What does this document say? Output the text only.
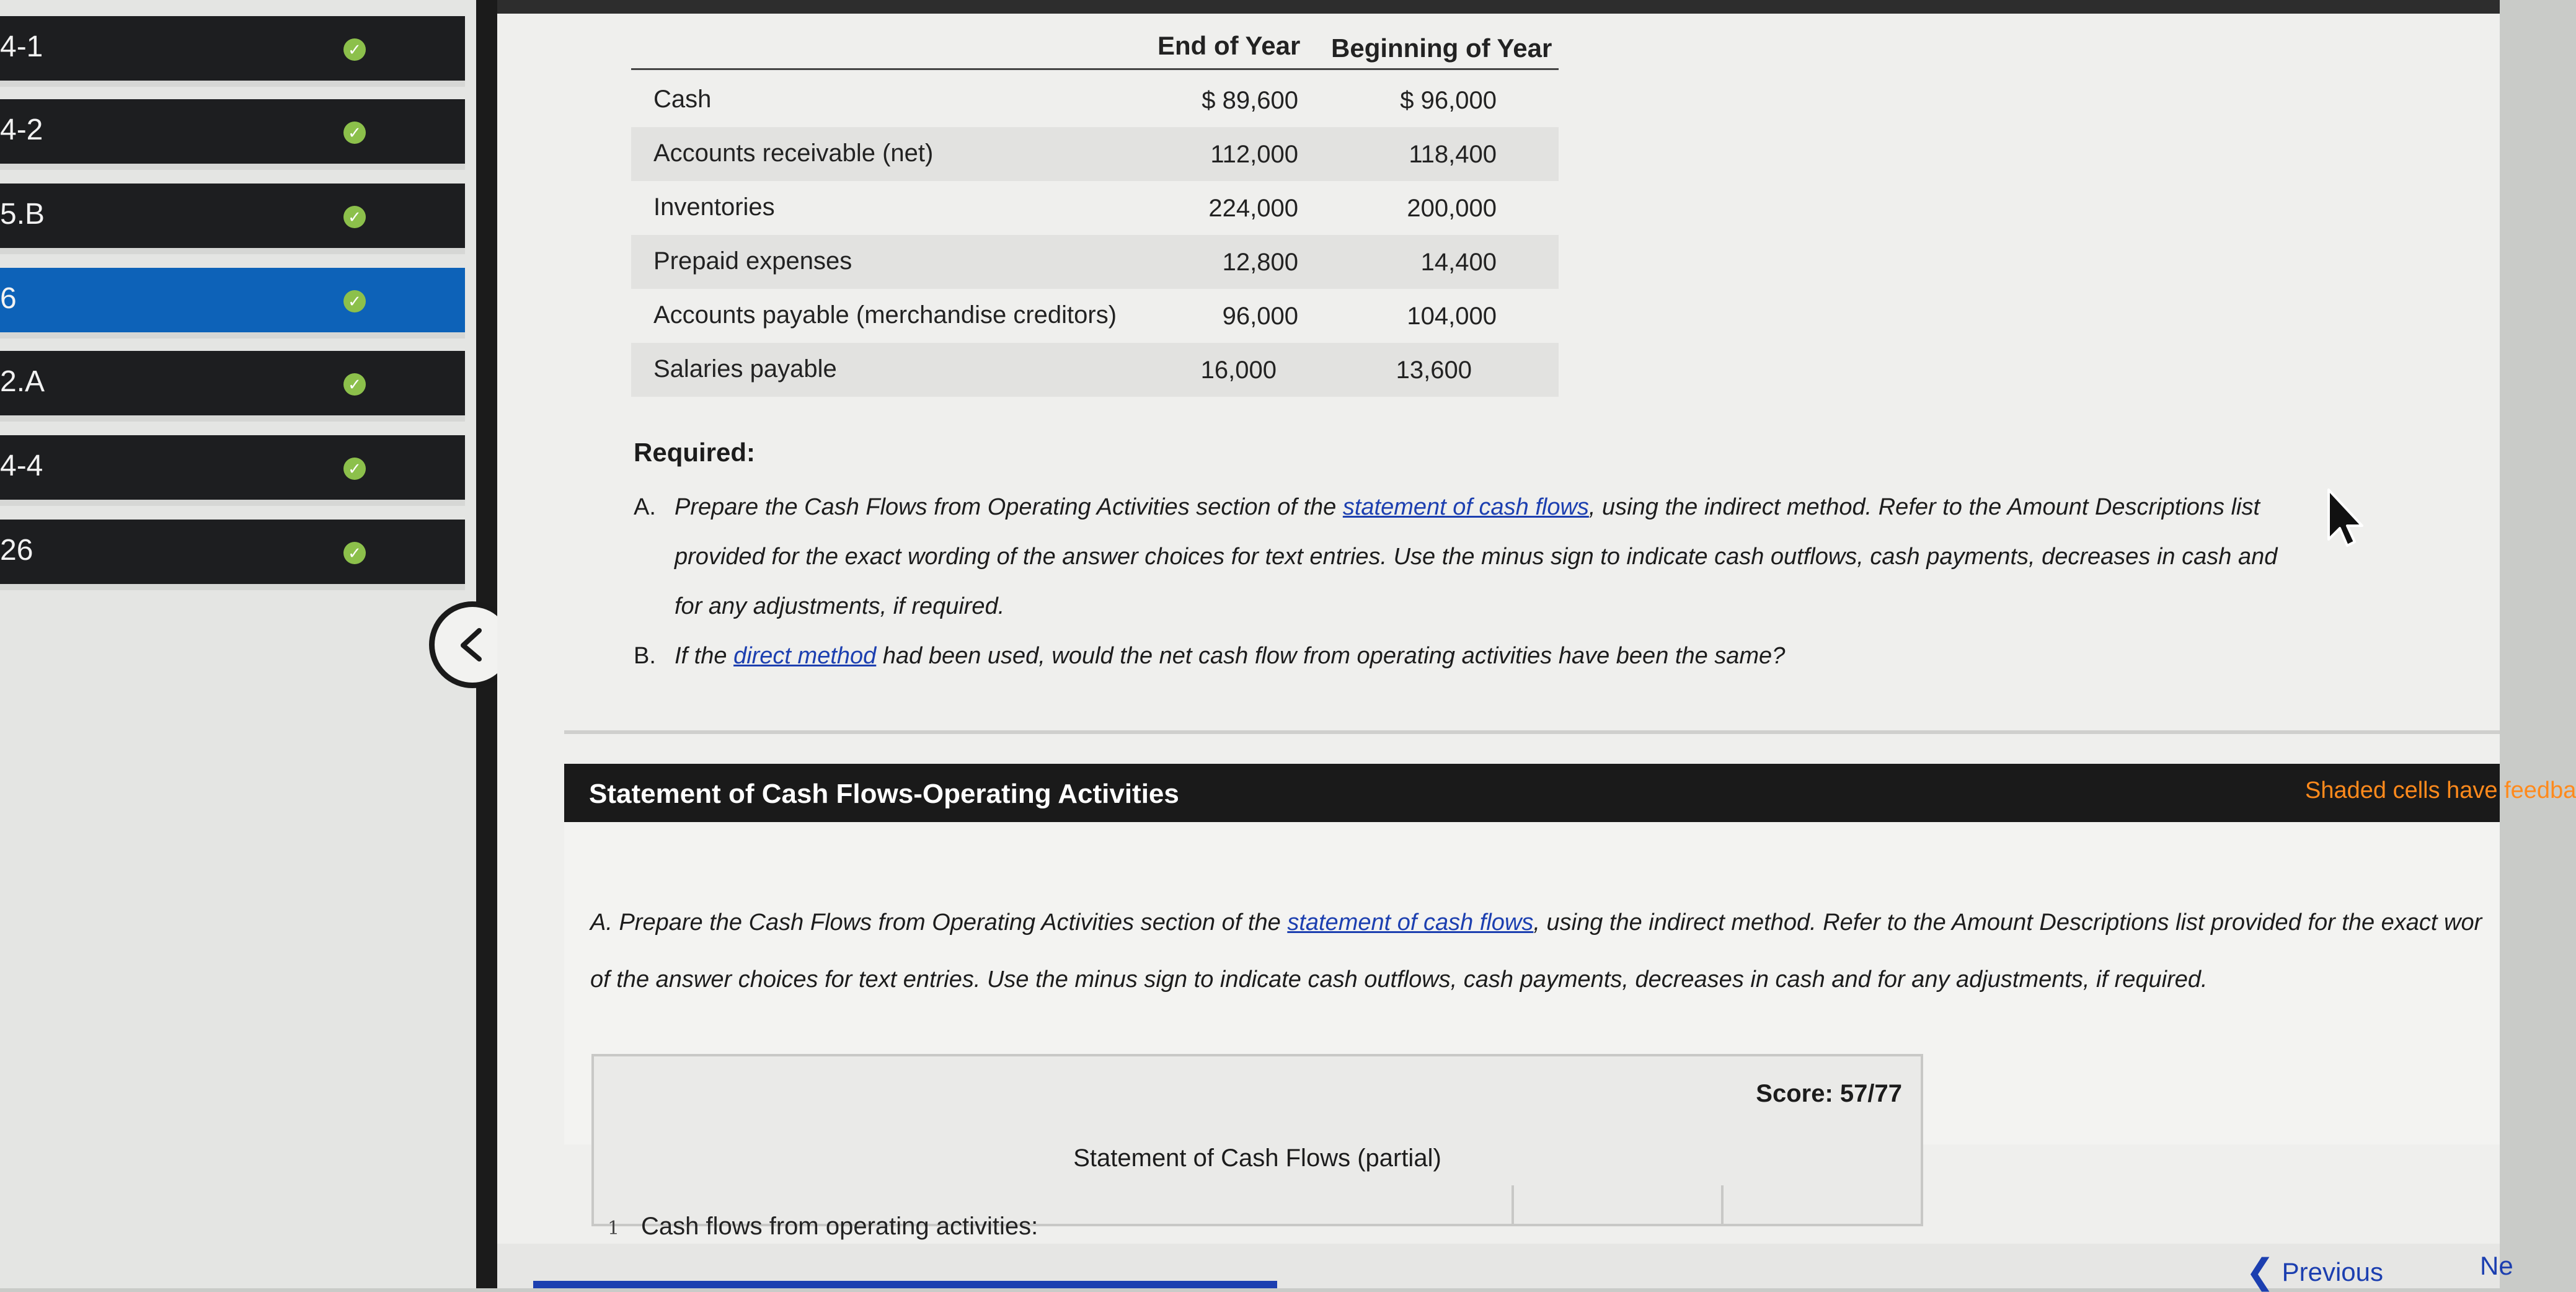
4-1	✓
4-2	✓
5.B	✓
6	✓
2.A	✓
4-4	✓
26	✓
End of Year Beginning of Year
Cash	$ 89,600	$ 96,000
Accounts receivable (net)	112,000	118,400
Inventories	224,000	200,000
Prepaid expenses	12,800	14,400
Accounts payable (merchandise creditors)	96,000	104,000
Salaries payable	16,000	13,600
Required:
A. Prepare the Cash Flows from Operating Activities section of the statement of cash flows, using the indirect method. Refer to the Amount Descriptions list provided for the exact wording of the answer choices for text entries. Use the minus sign to indicate cash outflows, cash payments, decreases in cash and for any adjustments, if required.
B. If the direct method had been used, would the net cash flow from operating activities have been the same?
Statement of Cash Flows-Operating Activities	Shaded cells have feedba
A. Prepare the Cash Flows from Operating Activities section of the statement of cash flows, using the indirect method. Refer to the Amount Descriptions list provided for the exact wor
of the answer choices for text entries. Use the minus sign to indicate cash outflows, cash payments, decreases in cash and for any adjustments, if required.
Score: 57/77
Statement of Cash Flows (partial)
1 Cash flows from operating activities:
❮ Previous	Ne
